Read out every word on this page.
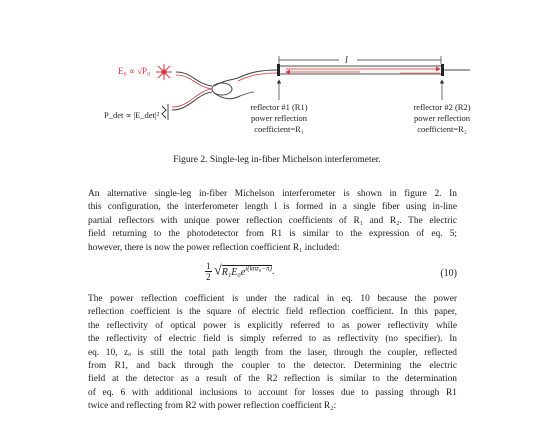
E₀ ∝ √P₀
P_det ∝ |E_det|²
l
reflector #1 (R1)
power reflection
coefficient=R₁
reflector #2 (R2)
power reflection
coefficient=R₂
Figure 2. Single-leg in-fiber Michelson interferometer.

An alternative single-leg in-fiber Michelson interferometer is shown in figure 2. In
this configuration, the interferometer length l is formed in a single fiber using in-line
partial reflectors with unique power reflection coefficients of R₁ and R₂. The electric
field returning to the photodetector from R1 is similar to the expression of eq. 5;
however, there is now the power reflection coefficient R₁ included:

$\frac{1}{2} √R_1E_0e^{i(knz_0-\pi)}$.	(10)

The power reflection coefficient is under the radical in eq. 10 because the power
reflection coefficient is the square of electric field reflection coefficient. In this paper,
the reflectivity of optical power is explicitly referred to as power reflectivity while
the reflectivity of electric field is simply referred to as reflectivity (no specifier). In
eq. 10, zₒ is still the total path length from the laser, through the coupler, reflected
from R1, and back through the coupler to the detector. Determining the electric
field at the detector as a result of the R2 reflection is similar to the determination
of eq. 6 with additional inclusions to account for losses due to passing through R1
twice and reflecting from R2 with power reflection coefficient R₂:
